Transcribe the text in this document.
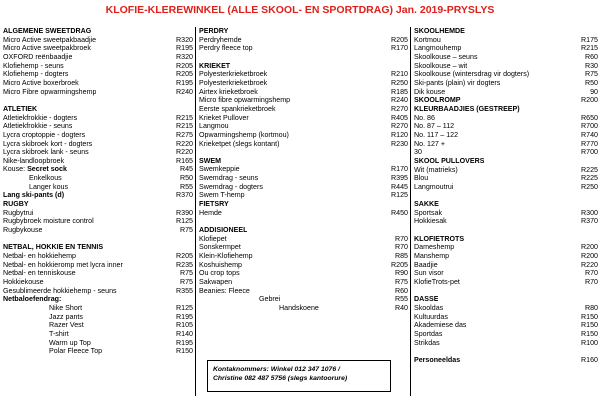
KLOFIE-KLEREWINKEL (ALLE SKOOL- EN SPORTDRAG) Jan. 2019-PRYSLYS
ALGEMENE SWEETDRAG
Micro Active sweetpakbaadjie	R320
Micro Active sweetpakbroek	R195
OXFORD reënbaadjie	R320
Klofiehemp - seuns	R205
Klofiehemp - dogters	R205
Micro Active boxerbroek	R195
Micro Fibre opwarmingshemp	R240
ATLETIEK
Atletiekfrokkie - dogters	R215
Atletiekfrokkie - seuns	R215
Lycra croptoppie - dogters	R275
Lycra skibroek kort - dogters	R220
Lycra skibroek lank - seuns	R220
Nike-landloopbroek	R165
Kouse: Secret sock	R45
Enkelkous	R50
Langer kous	R55
Lang ski-pants (d)	R370
RUGBY
Rugbytrui	R390
Rugbybroek moisture control	R125
Rugbykouse	R75
NETBAL, HOKKIE EN TENNIS
Netbal- en hokkiehemp	R205
Netbal- en hokkieromp met lycra inner	R235
Netbal- en tenniskouse	R75
Hokkiekouse	R75
Gesublimeerde hokkiehemp - seuns	R355
Netbaloefendrag:
Nike Short	R125
Jazz pants	R195
Razer Vest	R105
T-shirt	R140
Warm up Top	R195
Polar Fleece Top	R150
PERDRY
Perdryhemde	R205
Perdry fleece top	R170
KRIEKET
Polyesterkrieketbroek	R210
Polyesterkrieketbroek	R250
Airtex krieketbroek	R185
Micro fibre opwarmingshemp	R240
Eerste spankrieketbroek	R270
Krieket Pullover	R405
Langmou	R270
Opwarmingshemp (kortmou)	R120
Krieketpet (slegs kontant)	R230
SWEM
Swemkeppie	R170
Swemdrag - seuns	R395
Swemdrag - dogters	R445
Swem T-hemp	R125
FIETSRY
Hemde	R450
ADDISIONEEL
Klofiepet	R70
Sonskermpet	R70
Klein-Klofiehemp	R85
Koshuishemp	R205
Ou crop tops	R90
Sakwapen	R75
Beanies: Fleece	R60
Gebrei	R55
Handskoene	R40
SKOOLHEMDE
Kortmou	R175
Langmouhemp	R215
Skoolkouse – seuns	R60
Skoolkouse – wit	R30
Skoolkouse (wintersdrag vir dogters)	R75
Ski-pants (plain) vir dogters	R50
Dik kouse	90
SKOOLROMP	R200
KLEURBAADJIES (GESTREEP)
No. 86	R650
No. 87 – 112	R700
No. 117 – 122	R740
No. 127 +	R770
30	R700
SKOOL PULLOVERS
Wit (matrieks)	R225
Blou	R225
Langmoutrui	R250
SAKKE
Sportsak	R300
Hokkiesak	R370
KLOFIETROTS
Dameshemp	R200
Manshemp	R200
Baadjie	R220
Sun visor	R70
KlofieTrots-pet	R70
DASSE
Skooldas	R80
Kultuurdas	R150
Akademiese das	R150
Sportdas	R150
Strikdas	R100
Personeeldas	R160
Kontaknommers: Winkel 012 347 1076 /
Christine 082 487 5756 (slegs kantoorure)
